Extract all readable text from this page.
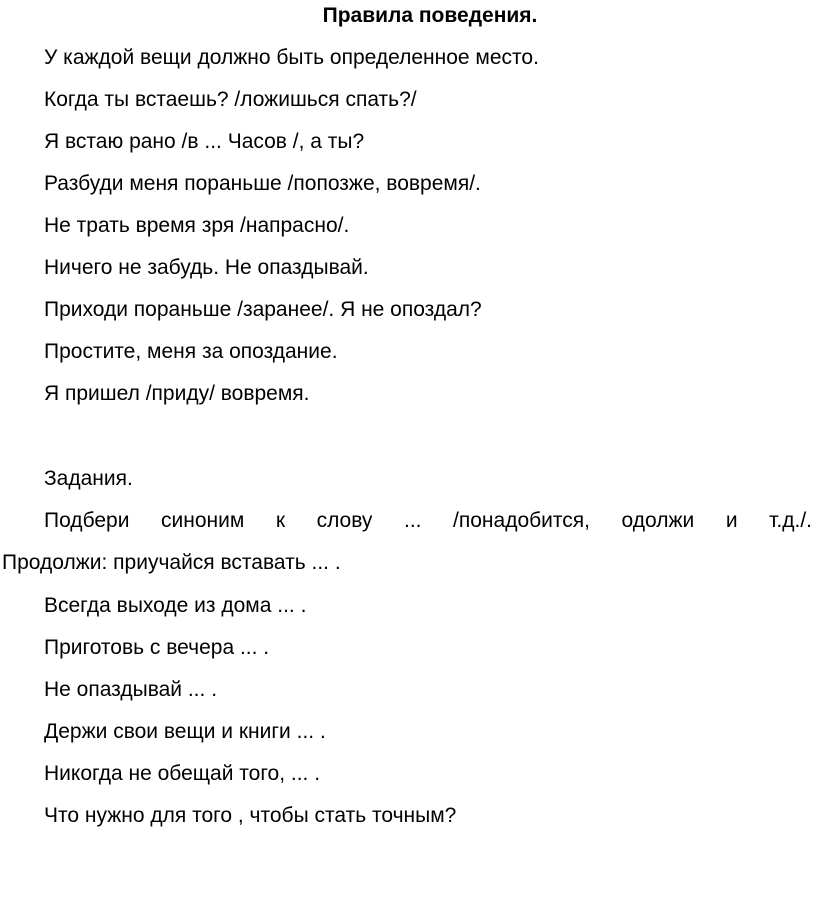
Правила поведения.
У каждой вещи должно быть определенное место.
Когда ты встаешь? /ложишься спать?/
Я встаю рано /в ... Часов /, а ты?
Разбуди меня пораньше /попозже, вовремя/.
Не трать время зря /напрасно/.
Ничего не забудь. Не опаздывай.
Приходи пораньше /заранее/. Я не опоздал?
Простите, меня за опоздание.
Я пришел /приду/ вовремя.
Задания.
Подбери синоним к слову ... /понадобится, одолжи и т.д./.
Продолжи: приучайся вставать ... .
Всегда выходе из дома ... .
Приготовь с вечера ... .
Не опаздывай ... .
Держи свои вещи и книги ... .
Никогда не обещай того, ... .
Что нужно для того , чтобы стать точным?
